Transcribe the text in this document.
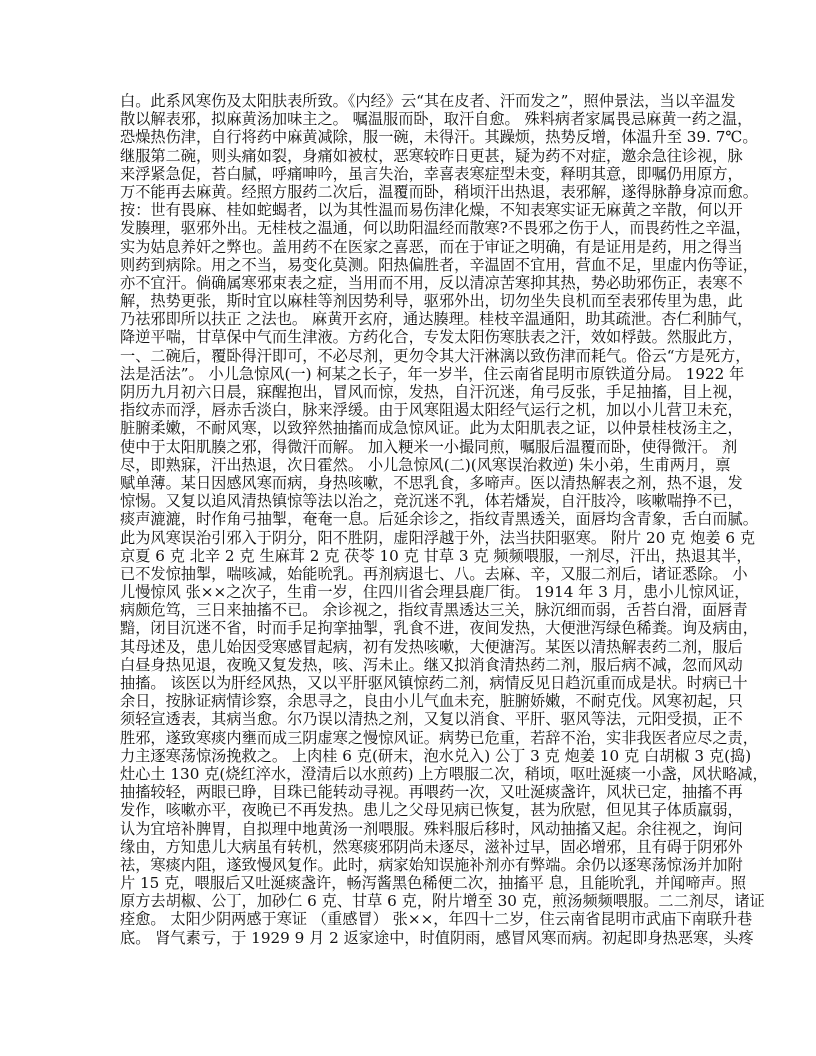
白。此系风寒伤及太阳肤表所致。《内经》云“其在皮者、汗而发之”，照仲景法，当以辛温发
散以解表邪，拟麻黄汤加味主之。 嘱温服而卧，取汗自愈。 殊料病者家属畏忌麻黄一药之温，
恐燥热伤津，自行将药中麻黄减除，服一碗，未得汗。其躁烦，热势反增，体温升至 39. 7℃。
继服第二碗，则头痛如裂，身痛如被杖，恶寒较昨日更甚，疑为药不对症，邀余急往诊视，脉
来浮紧急促，苔白腻，呼痛呻吟，虽言失治，幸喜表寒症型未变，释明其意，即嘱仍用原方，
万不能再去麻黄。经照方服药二次后，温覆而卧，稍顷汗出热退，表邪解，遂得脉静身凉而愈。
按：世有畏麻、桂如蛇蝎者，以为其性温而易伤津化燥，不知表寒实证无麻黄之辛散，何以开
发腠理，驱邪外出。无桂枝之温通，何以助阳温经而散寒?不畏邪之伤于人，而畏药性之辛温，
实为姑息养奸之弊也。盖用药不在医家之喜恶，而在于审证之明确，有是证用是药，用之得当
则药到病除。用之不当，易变化莫测。阳热偏胜者，辛温固不宜用，营血不足，里虚内伤等证，
亦不宜汗。倘确属寒邪束表之症，当用而不用，反以清凉苦寒抑其热，势必助邪伤正，表寒不
解，热势更张，斯时宜以麻桂等剂因势利导，驱邪外出，切勿坐失良机而至表邪传里为患，此
乃祛邪即所以扶正 之法也。 麻黄开玄府，通达腠理。桂枝辛温通阳，助其疏泄。杏仁利肺气，
降逆平喘，甘草保中气而生津液。方药化合，专发太阳伤寒肤表之汗，效如桴鼓。然服此方，
一、二碗后，覆卧得汗即可，不必尽剂，更勿令其大汗淋漓以致伤津而耗气。俗云“方是死方，
法是活法”。 小儿急惊风(一) 柯某之长子，年一岁半，住云南省昆明市原铁道分局。 1922 年
阴历九月初六日晨，寐醒抱出，冒风而惊，发热，自汗沉迷，角弓反张，手足抽搐，目上视，
指纹赤而浮，唇赤舌淡白，脉来浮缓。由于风寒阻遏太阳经气运行之机，加以小儿营卫未充，
脏腑柔嫩，不耐风寒，以致猝然抽搐而成急惊风证。此为太阳肌表之证，以仲景桂枝汤主之，
使中于太阳肌腠之邪，得微汗而解。 加入粳米一小撮同煎，嘱服后温覆而卧，使得微汗。 剂
尽，即熟寐，汗出热退，次日霍然。 小儿急惊风(二)(风寒误治救逆) 朱小弟，生甫两月，禀
赋单薄。某日因感风寒而病，身热咳嗽，不思乳食，多啼声。医以清热解表之剂，热不退，发
惊惕。又复以追风清热镇惊等法以治之，竞沉迷不乳，体若燔炭，自汗肢冷，咳嗽喘挣不已，
痰声漉漉，时作角弓抽掣，奄奄一息。后延余诊之，指纹青黑透关，面唇均含青象，舌白而腻。
此为风寒误治引邪入于阴分，阳不胜阴，虚阳浮越于外，法当扶阳驱寒。 附片 20 克 炮姜 6 克
京夏 6 克 北辛 2 克 生麻茸 2 克 茯苓 10 克 甘草 3 克 频频喂服，一剂尽，汗出，热退其半，
已不发惊抽掣，喘咳减，始能吮乳。再剂病退七、八。去麻、辛，又服二剂后，诸证悉除。 小
儿慢惊风 张××之次子，生甫一岁，住四川省会理县鹿厂街。 1914 年 3 月，患小儿惊风证，
病颇危笃，三日来抽搐不已。 余诊视之，指纹青黑透达三关，脉沉细而弱，舌苔白滑，面唇青
黯，闭目沉迷不省，时而手足拘挛抽掣，乳食不进，夜间发热，大便泄泻绿色稀粪。询及病由，
其母述及，患儿始因受寒感冒起病，初有发热咳嗽，大便溏泻。某医以清热解表药二剂，服后
白昼身热见退，夜晚又复发热，咳、泻未止。继又拟消食清热药二剂，服后病不减，忽而风动
抽搐。 该医以为肝经风热，又以平肝驱风镇惊药二剂，病情反见日趋沉重而成是状。时病已十
余日，按脉证病情诊察，余思寻之，良由小儿气血未充，脏腑娇嫩，不耐克伐。风寒初起，只
须轻宣透表，其病当愈。尔乃误以清热之剂，又复以消食、平肝、驱风等法，元阳受损，正不
胜邪，遂致寒痰内壅而成三阴虚寒之慢惊风证。病势已危重，若辞不治，实非我医者应尽之责，
力主逐寒荡惊汤挽救之。 上肉桂 6 克(研末，泡水兑入) 公丁 3 克 炮姜 10 克 白胡椒 3 克(捣)
灶心土 130 克(烧红淬水，澄清后以水煎药) 上方喂服二次，稍顷，呕吐涎痰一小盏，风状略减，
抽搐较轻，两眼已睁，目珠已能转动寻视。再喂药一次，又吐涎痰盏许，风状已定，抽搐不再
发作，咳嗽亦平，夜晚已不再发热。患儿之父母见病已恢复，甚为欣慰，但见其子体质羸弱，
认为宜培补脾胃，自拟理中地黄汤一剂喂服。殊料服后移时，风动抽搐又起。余往视之，询问
缘由，方知患儿大病虽有转机，然寒痰邪阴尚未逐尽，滋补过早，固必增邪，且有碍于阴邪外
祛，寒痰内阻，遂致慢风复作。此时，病家始知误施补剂亦有弊端。余仍以逐寒荡惊汤并加附
片 15 克，喂服后又吐涎痰盏许，畅泻酱黑色稀便二次，抽搐平 息，且能吮乳，并闻啼声。照
原方去胡椒、公丁，加砂仁 6 克、甘草 6 克，附片增至 30 克，煎汤频频喂服。二二剂尽，诸证
痊愈。 太阳少阴两感于寒证 （重感冒） 张××，年四十二岁，住云南省昆明市武庙下南联升巷
底。 肾气素亏，于 1929 9 月 2 返家途中，时值阴雨，感冒风寒而病。初起即身热恶寒，头疼
